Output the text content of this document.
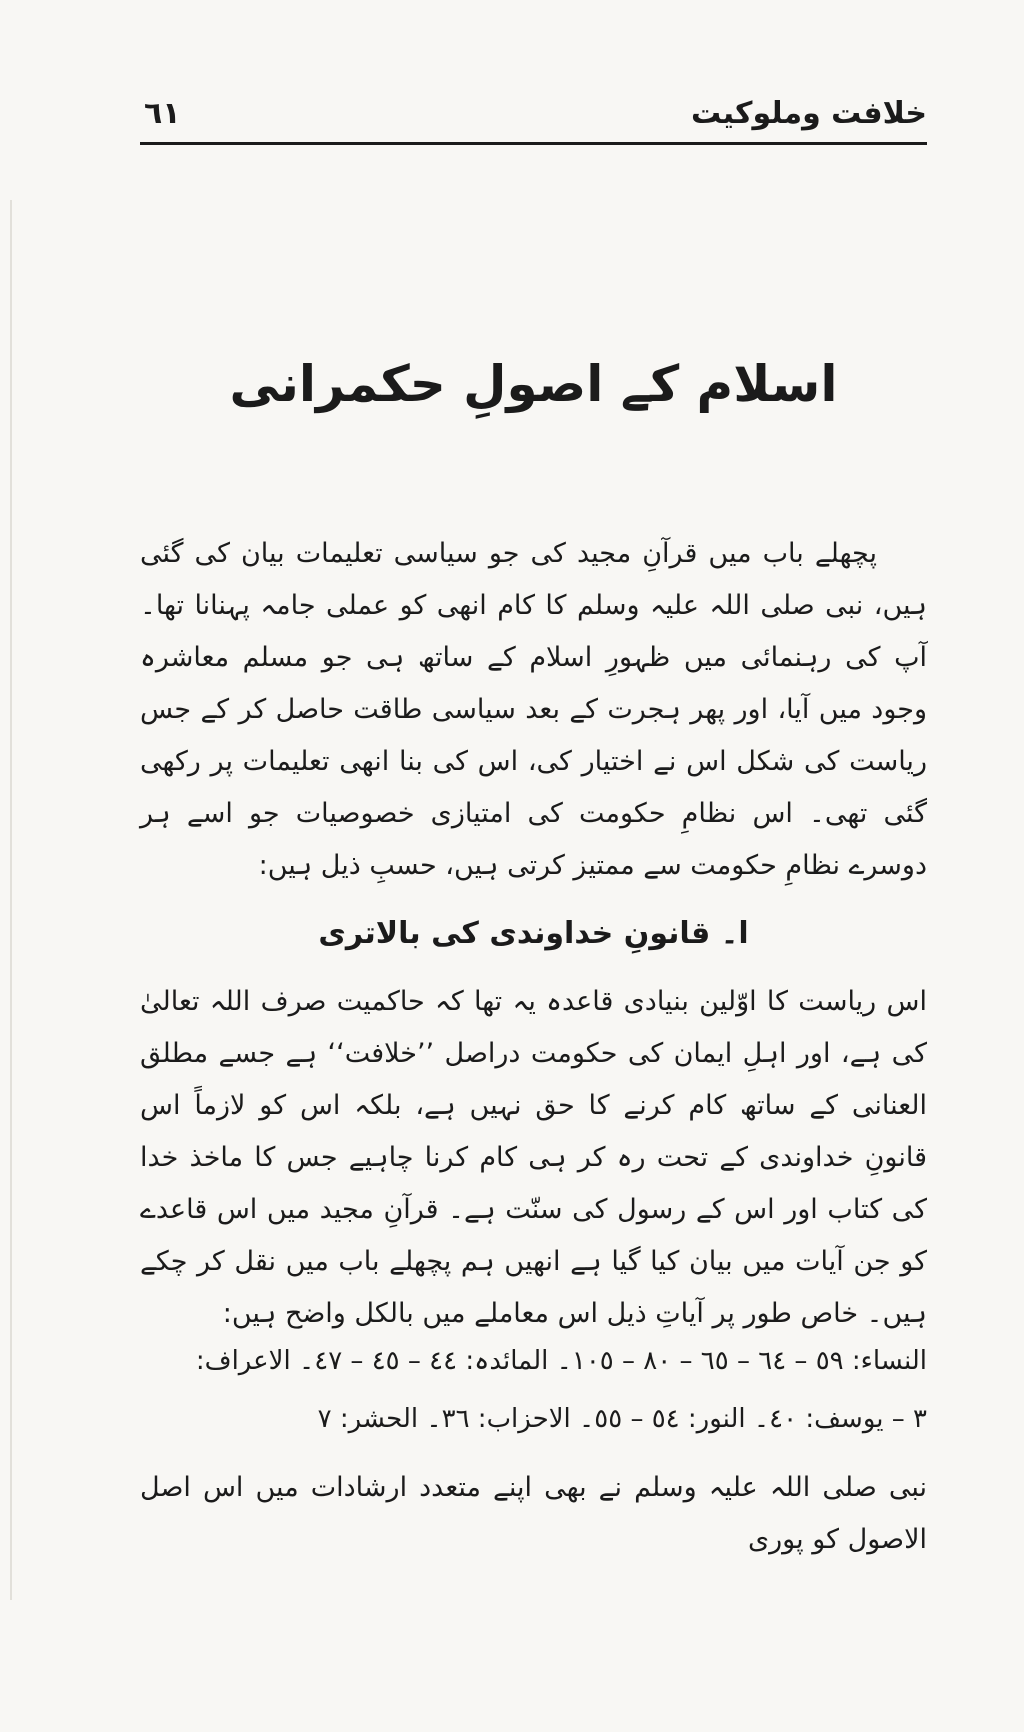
خلافت وملوکیت
٦١
اسلام کے اصولِ حکمرانی
پچھلے باب میں قرآنِ مجید کی جو سیاسی تعلیمات بیان کی گئی ہیں، نبی صلی اللہ علیہ وسلم کا کام انھی کو عملی جامہ پہنانا تھا۔ آپ کی رہنمائی میں ظہورِ اسلام کے ساتھ ہی جو مسلم معاشرہ وجود میں آیا، اور پھر ہجرت کے بعد سیاسی طاقت حاصل کر کے جس ریاست کی شکل اس نے اختیار کی، اس کی بنا انھی تعلیمات پر رکھی گئی تھی۔ اس نظامِ حکومت کی امتیازی خصوصیات جو اسے ہر دوسرے نظامِ حکومت سے ممتیز کرتی ہیں، حسبِ ذیل ہیں:
ا۔ قانونِ خداوندی کی بالاتری
اس ریاست کا اوّلین بنیادی قاعدہ یہ تھا کہ حاکمیت صرف اللہ تعالیٰ کی ہے، اور اہلِ ایمان کی حکومت دراصل ’’خلافت‘‘ ہے جسے مطلق العنانی کے ساتھ کام کرنے کا حق نہیں ہے، بلکہ اس کو لازماً اس قانونِ خداوندی کے تحت رہ کر ہی کام کرنا چاہیے جس کا ماخذ خدا کی کتاب اور اس کے رسول کی سنّت ہے۔ قرآنِ مجید میں اس قاعدے کو جن آیات میں بیان کیا گیا ہے انھیں ہم پچھلے باب میں نقل کر چکے ہیں۔ خاص طور پر آیاتِ ذیل اس معاملے میں بالکل واضح ہیں:
النساء: ٥٩ – ٦٤ – ٦٥ – ٨٠ – ١٠٥۔ المائدہ: ٤٤ – ٤٥ – ٤٧۔ الاعراف:
٣ – یوسف: ٤٠۔ النور: ٥٤ – ٥٥۔ الاحزاب: ٣٦۔ الحشر: ٧
نبی صلی اللہ علیہ وسلم نے بھی اپنے متعدد ارشادات میں اس اصل الاصول کو پوری
